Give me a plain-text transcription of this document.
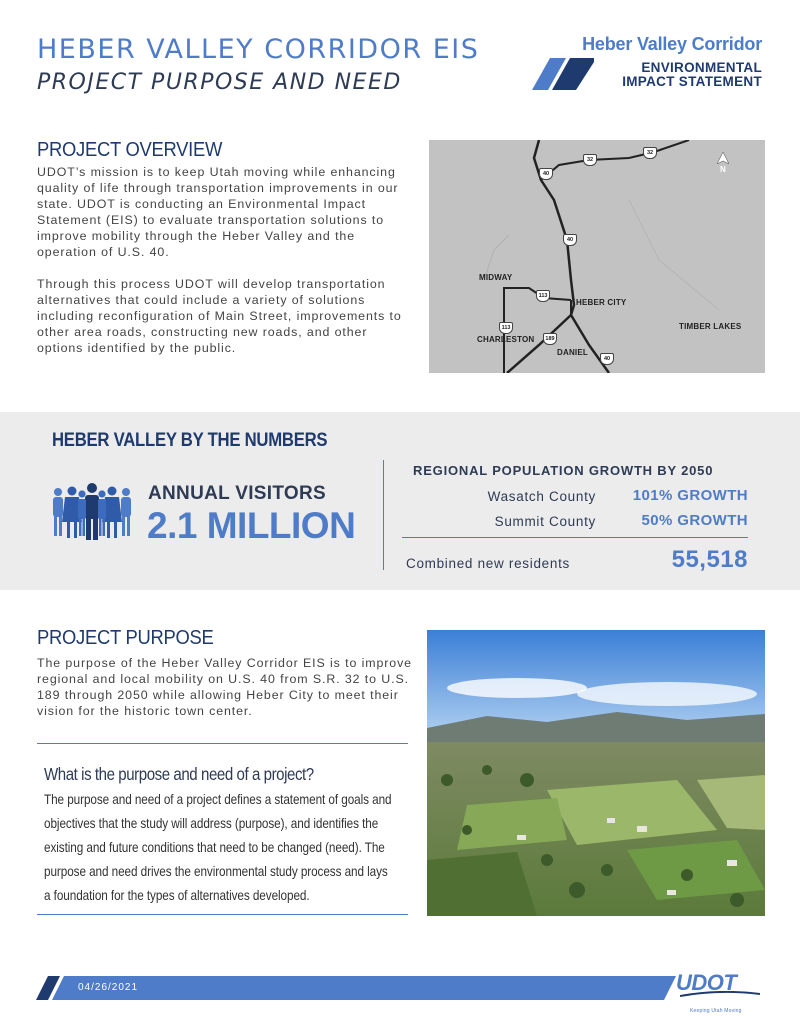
HEBER VALLEY CORRIDOR EIS
PROJECT PURPOSE AND NEED
Heber Valley Corridor
ENVIRONMENTAL
IMPACT STATEMENT
PROJECT OVERVIEW

UDOT’s mission is to keep Utah moving while enhancing quality of life through transportation improvements in our state. UDOT is conducting an Environmental Impact Statement (EIS) to evaluate transportation solutions to improve mobility through the Heber Valley and the operation of U.S. 40.

Through this process UDOT will develop transportation alternatives that could include a variety of solutions including reconfiguration of Main Street, improvements to other area roads, constructing new roads, and other options identified by the public.

MIDWAY
HEBER CITY
TIMBER LAKES
CHARLESTON
DANIEL
N
32
32
40
40
40
113
113
189
HEBER VALLEY BY THE NUMBERS
ANNUAL VISITORS
2.1 MILLION
REGIONAL POPULATION GROWTH BY 2050
Wasatch County	101% GROWTH
Summit County	50% GROWTH
Combined new residents	55,518
PROJECT PURPOSE

The purpose of the Heber Valley Corridor EIS is to improve regional and local mobility on U.S. 40 from S.R. 32 to U.S. 189 through 2050 while allowing Heber City to meet their vision for the historic town center.

What is the purpose and need of a project?

The purpose and need of a project defines a statement of goals and objectives that the study will address (purpose), and identifies the existing and future conditions that need to be changed (need). The purpose and need drives the environmental study process and lays a foundation for the types of alternatives developed.

04/26/2021	UDOT
Keeping Utah Moving
